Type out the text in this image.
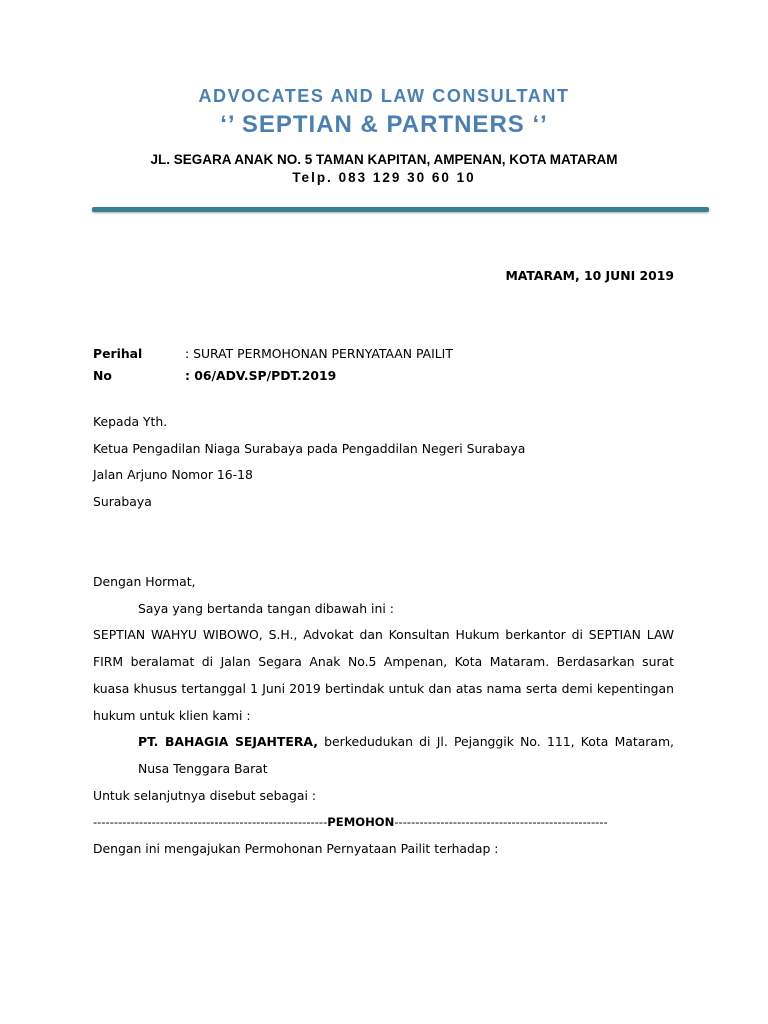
ADVOCATES AND LAW CONSULTANT
‘’ SEPTIAN & PARTNERS ‘’
JL. SEGARA ANAK NO. 5 TAMAN KAPITAN, AMPENAN, KOTA MATARAM
Telp. 083 129 30 60 10
MATARAM, 10 JUNI 2019
Perihal	: SURAT PERMOHONAN PERNYATAAN PAILIT
No	: 06/ADV.SP/PDT.2019
Kepada Yth.
Ketua Pengadilan Niaga Surabaya pada Pengaddilan Negeri Surabaya
Jalan Arjuno Nomor 16-18
Surabaya
Dengan Hormat,
Saya yang bertanda tangan dibawah ini :
SEPTIAN WAHYU WIBOWO, S.H., Advokat dan Konsultan Hukum berkantor di SEPTIAN LAW FIRM beralamat di Jalan Segara Anak No.5 Ampenan, Kota Mataram. Berdasarkan surat kuasa khusus tertanggal 1 Juni 2019 bertindak untuk dan atas nama serta demi kepentingan hukum untuk klien kami :
PT. BAHAGIA SEJAHTERA, berkedudukan di Jl. Pejanggik No. 111, Kota Mataram, Nusa Tenggara Barat
Untuk selanjutnya disebut sebagai :
--------------------------------------------------------PEMOHON---------------------------------------------------
Dengan ini mengajukan Permohonan Pernyataan Pailit terhadap :
